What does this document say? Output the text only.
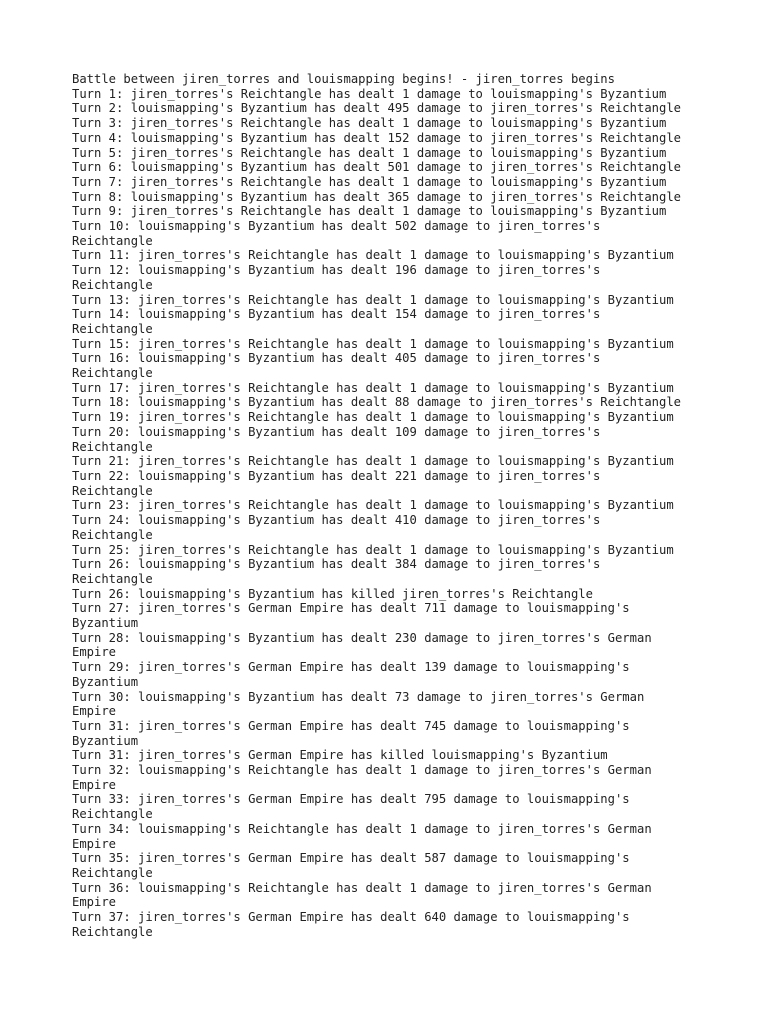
Battle between jiren_torres and louismapping begins! - jiren_torres begins
Turn 1: jiren_torres's Reichtangle has dealt 1 damage to louismapping's Byzantium
Turn 2: louismapping's Byzantium has dealt 495 damage to jiren_torres's Reichtangle
Turn 3: jiren_torres's Reichtangle has dealt 1 damage to louismapping's Byzantium
Turn 4: louismapping's Byzantium has dealt 152 damage to jiren_torres's Reichtangle
Turn 5: jiren_torres's Reichtangle has dealt 1 damage to louismapping's Byzantium
Turn 6: louismapping's Byzantium has dealt 501 damage to jiren_torres's Reichtangle
Turn 7: jiren_torres's Reichtangle has dealt 1 damage to louismapping's Byzantium
Turn 8: louismapping's Byzantium has dealt 365 damage to jiren_torres's Reichtangle
Turn 9: jiren_torres's Reichtangle has dealt 1 damage to louismapping's Byzantium
Turn 10: louismapping's Byzantium has dealt 502 damage to jiren_torres's
Reichtangle
Turn 11: jiren_torres's Reichtangle has dealt 1 damage to louismapping's Byzantium
Turn 12: louismapping's Byzantium has dealt 196 damage to jiren_torres's
Reichtangle
Turn 13: jiren_torres's Reichtangle has dealt 1 damage to louismapping's Byzantium
Turn 14: louismapping's Byzantium has dealt 154 damage to jiren_torres's
Reichtangle
Turn 15: jiren_torres's Reichtangle has dealt 1 damage to louismapping's Byzantium
Turn 16: louismapping's Byzantium has dealt 405 damage to jiren_torres's
Reichtangle
Turn 17: jiren_torres's Reichtangle has dealt 1 damage to louismapping's Byzantium
Turn 18: louismapping's Byzantium has dealt 88 damage to jiren_torres's Reichtangle
Turn 19: jiren_torres's Reichtangle has dealt 1 damage to louismapping's Byzantium
Turn 20: louismapping's Byzantium has dealt 109 damage to jiren_torres's
Reichtangle
Turn 21: jiren_torres's Reichtangle has dealt 1 damage to louismapping's Byzantium
Turn 22: louismapping's Byzantium has dealt 221 damage to jiren_torres's
Reichtangle
Turn 23: jiren_torres's Reichtangle has dealt 1 damage to louismapping's Byzantium
Turn 24: louismapping's Byzantium has dealt 410 damage to jiren_torres's
Reichtangle
Turn 25: jiren_torres's Reichtangle has dealt 1 damage to louismapping's Byzantium
Turn 26: louismapping's Byzantium has dealt 384 damage to jiren_torres's
Reichtangle
Turn 26: louismapping's Byzantium has killed jiren_torres's Reichtangle
Turn 27: jiren_torres's German Empire has dealt 711 damage to louismapping's
Byzantium
Turn 28: louismapping's Byzantium has dealt 230 damage to jiren_torres's German
Empire
Turn 29: jiren_torres's German Empire has dealt 139 damage to louismapping's
Byzantium
Turn 30: louismapping's Byzantium has dealt 73 damage to jiren_torres's German
Empire
Turn 31: jiren_torres's German Empire has dealt 745 damage to louismapping's
Byzantium
Turn 31: jiren_torres's German Empire has killed louismapping's Byzantium
Turn 32: louismapping's Reichtangle has dealt 1 damage to jiren_torres's German
Empire
Turn 33: jiren_torres's German Empire has dealt 795 damage to louismapping's
Reichtangle
Turn 34: louismapping's Reichtangle has dealt 1 damage to jiren_torres's German
Empire
Turn 35: jiren_torres's German Empire has dealt 587 damage to louismapping's
Reichtangle
Turn 36: louismapping's Reichtangle has dealt 1 damage to jiren_torres's German
Empire
Turn 37: jiren_torres's German Empire has dealt 640 damage to louismapping's
Reichtangle
